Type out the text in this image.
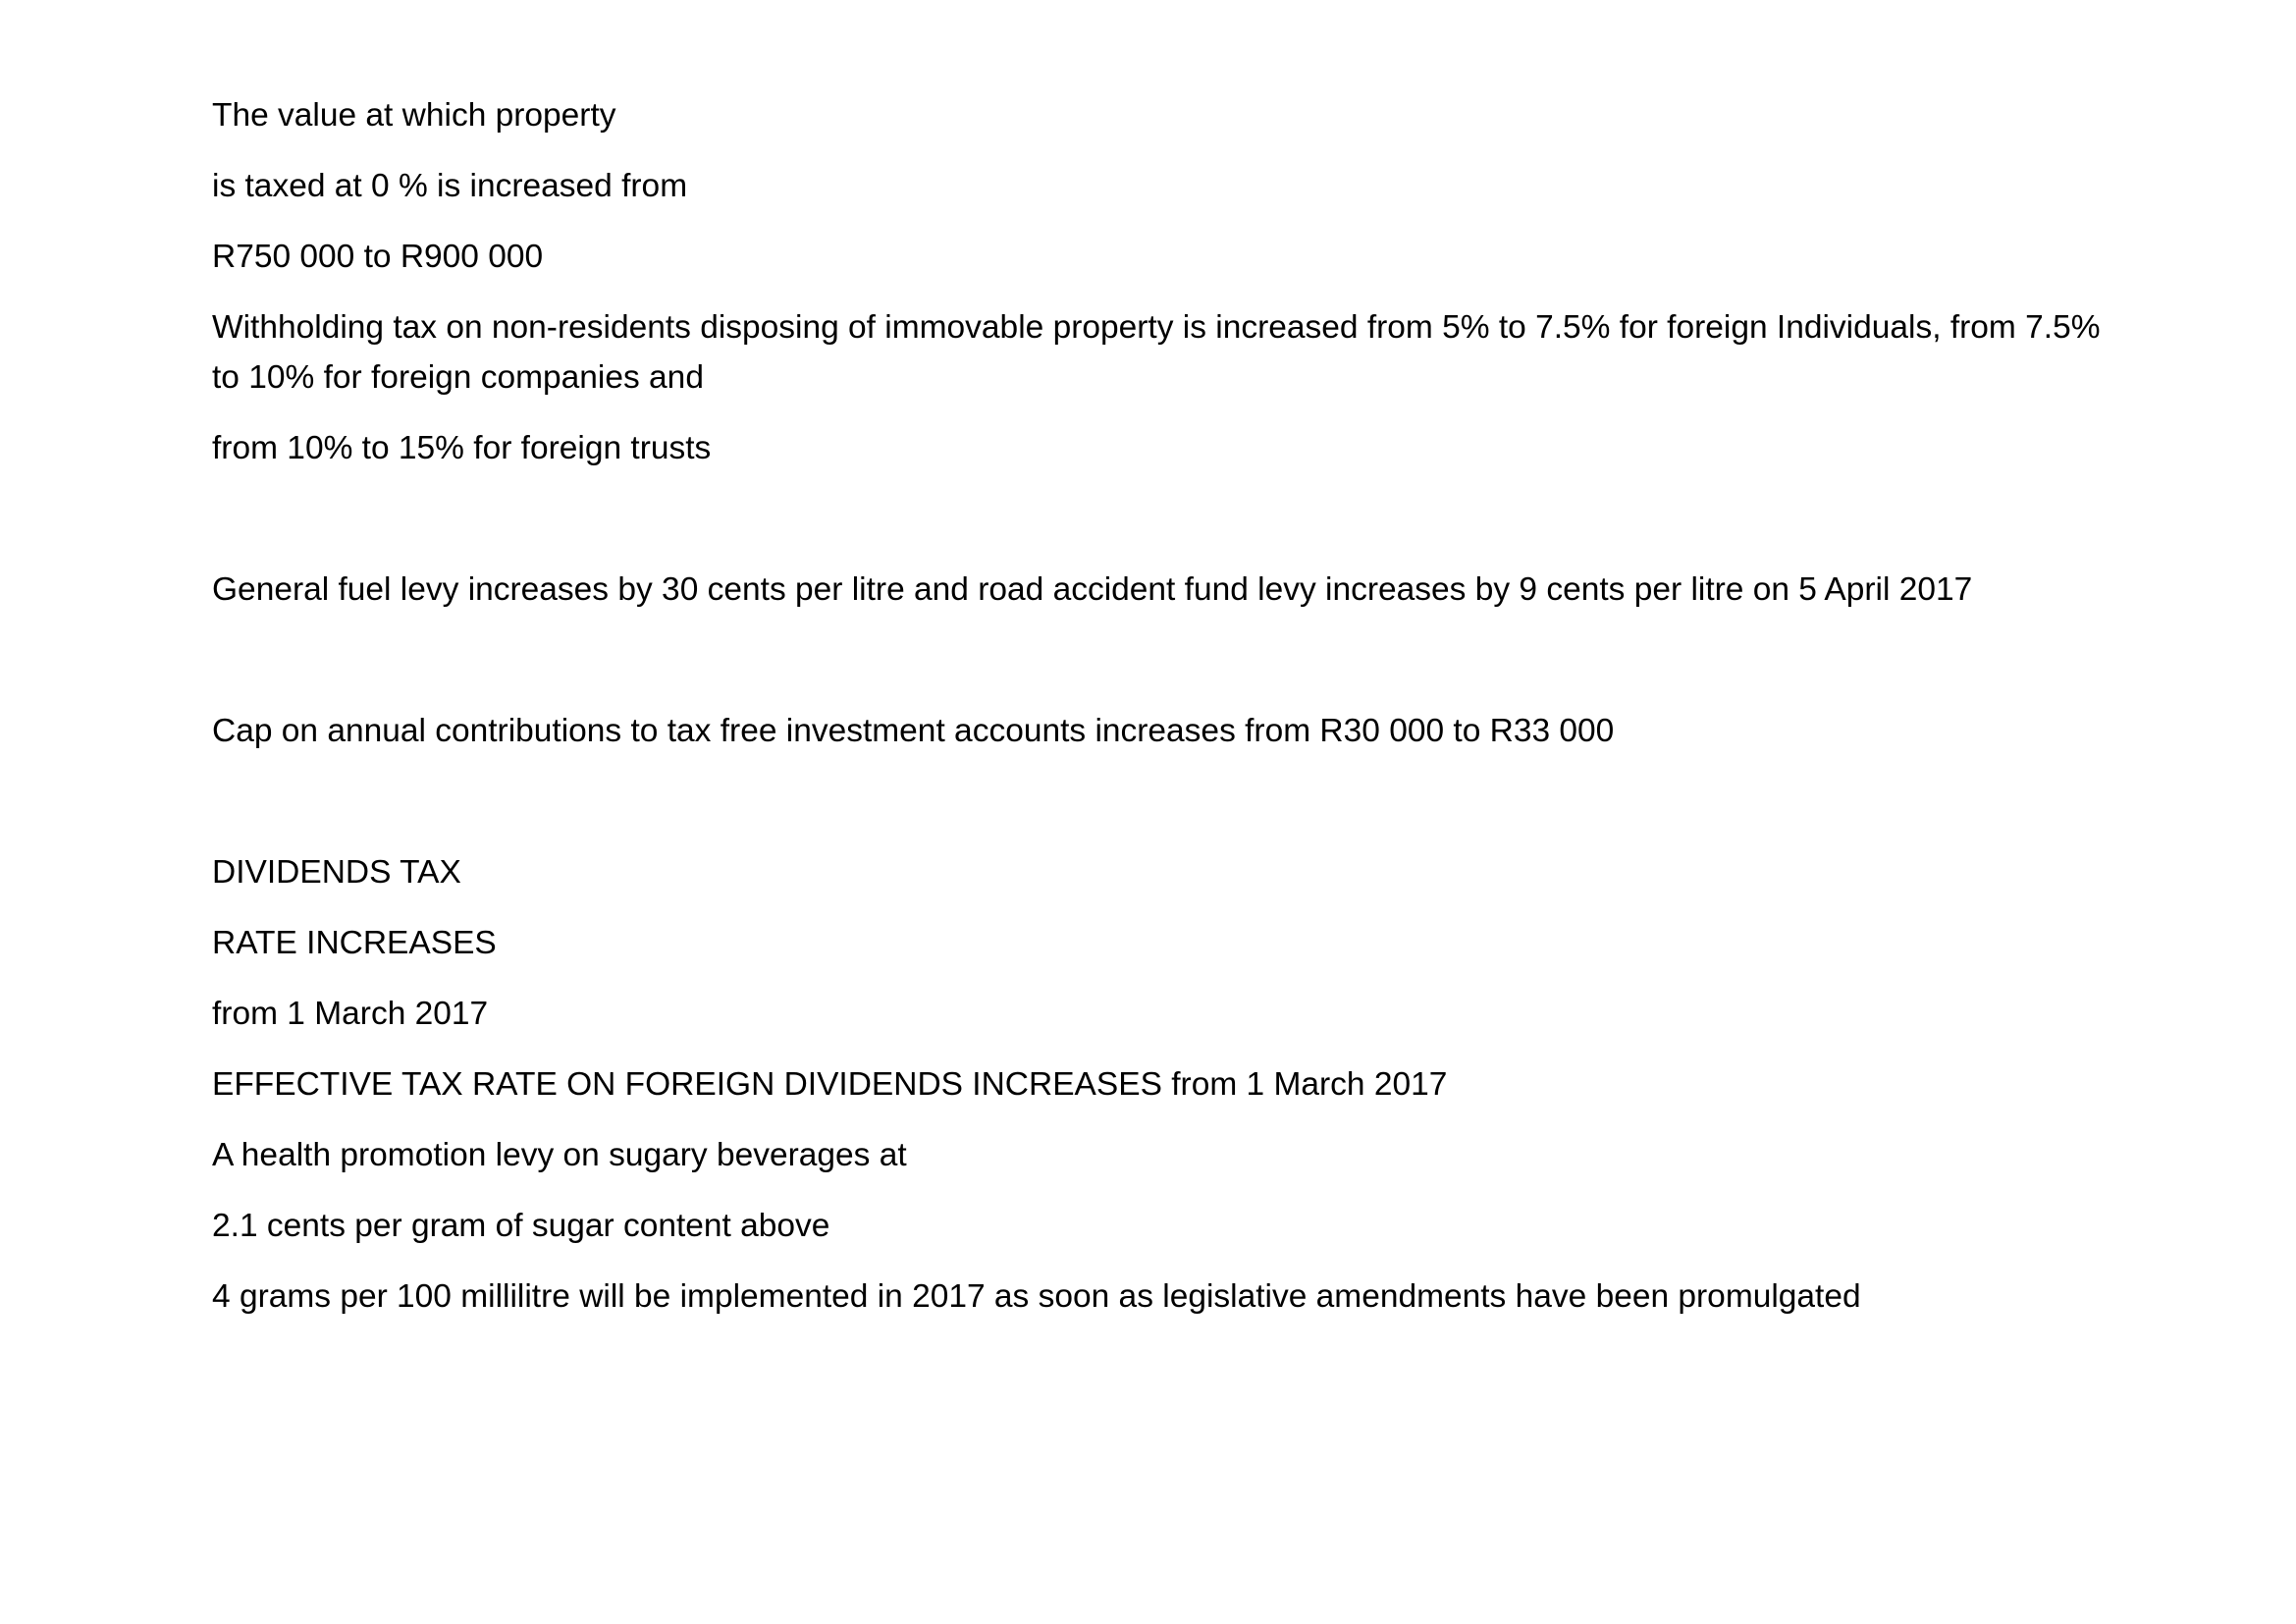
The value at which property

is taxed at 0 % is increased from

R750 000 to R900 000

Withholding tax on non-residents disposing of immovable property is increased from 5% to 7.5% for foreign Individuals, from 7.5% to 10% for foreign companies and

from 10% to 15% for foreign trusts

General fuel levy increases by 30 cents per litre and road accident fund levy increases by 9 cents per litre on 5 April 2017

Cap on annual contributions to tax free investment accounts increases from R30 000 to R33 000

DIVIDENDS TAX

RATE INCREASES

from 1 March 2017

EFFECTIVE TAX RATE ON FOREIGN DIVIDENDS INCREASES from 1 March 2017

A health promotion levy on sugary beverages at

2.1 cents per gram of sugar content above

4 grams per 100 millilitre will be implemented in 2017 as soon as legislative amendments have been promulgated
